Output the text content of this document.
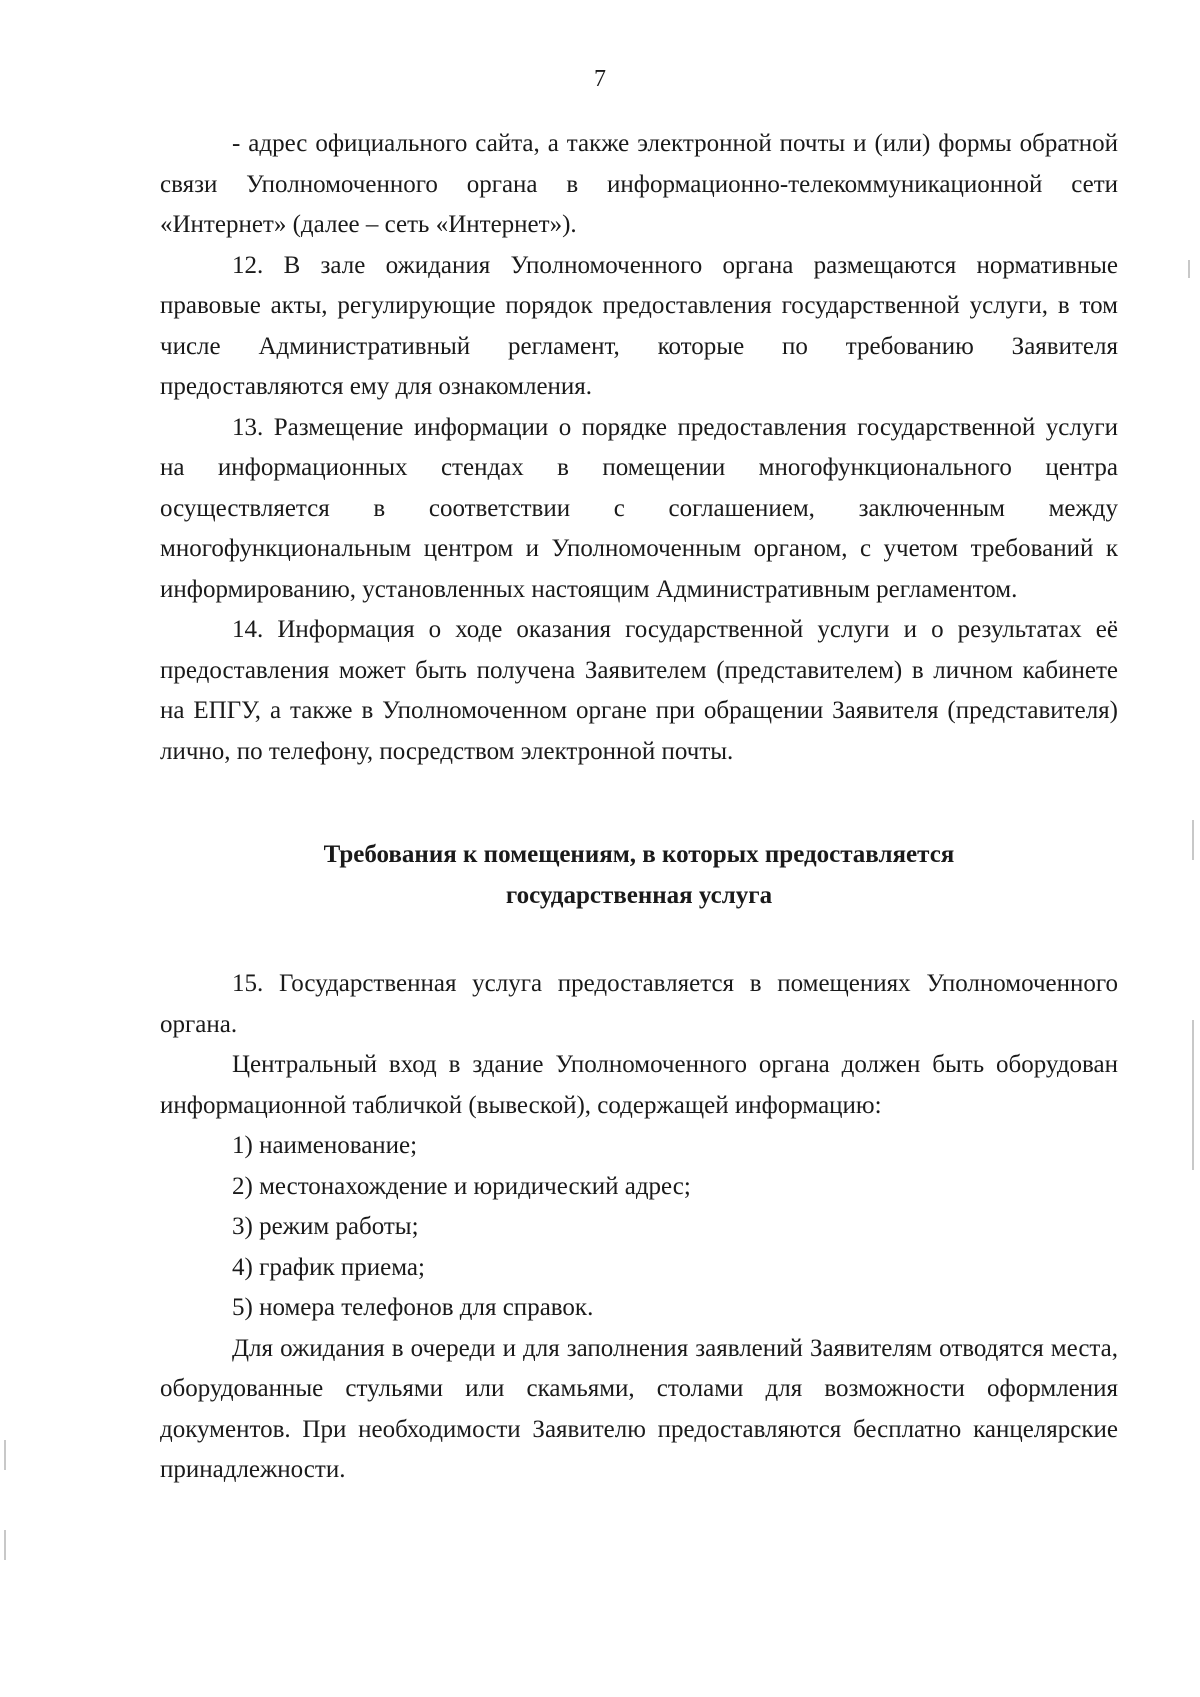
7

- адрес официального сайта, а также электронной почты и (или) формы обратной связи Уполномоченного органа в информационно-телекоммуникационной сети «Интернет» (далее – сеть «Интернет»).

12. В зале ожидания Уполномоченного органа размещаются нормативные правовые акты, регулирующие порядок предоставления государственной услуги, в том числе Административный регламент, которые по требованию Заявителя предоставляются ему для ознакомления.

13. Размещение информации о порядке предоставления государственной услуги на информационных стендах в помещении многофункционального центра осуществляется в соответствии с соглашением, заключенным между многофункциональным центром и Уполномоченным органом, с учетом требований к информированию, установленных настоящим Административным регламентом.

14. Информация о ходе оказания государственной услуги и о результатах её предоставления может быть получена Заявителем (представителем) в личном кабинете на ЕПГУ, а также в Уполномоченном органе при обращении Заявителя (представителя) лично, по телефону, посредством электронной почты.

Требования к помещениям, в которых предоставляется
государственная услуга

15. Государственная услуга предоставляется в помещениях Уполномоченного органа.

Центральный вход в здание Уполномоченного органа должен быть оборудован информационной табличкой (вывеской), содержащей информацию:

1) наименование;

2) местонахождение и юридический адрес;

3) режим работы;

4) график приема;

5) номера телефонов для справок.

Для ожидания в очереди и для заполнения заявлений Заявителям отводятся места, оборудованные стульями или скамьями, столами для возможности оформления документов. При необходимости Заявителю предоставляются бесплатно канцелярские принадлежности.
